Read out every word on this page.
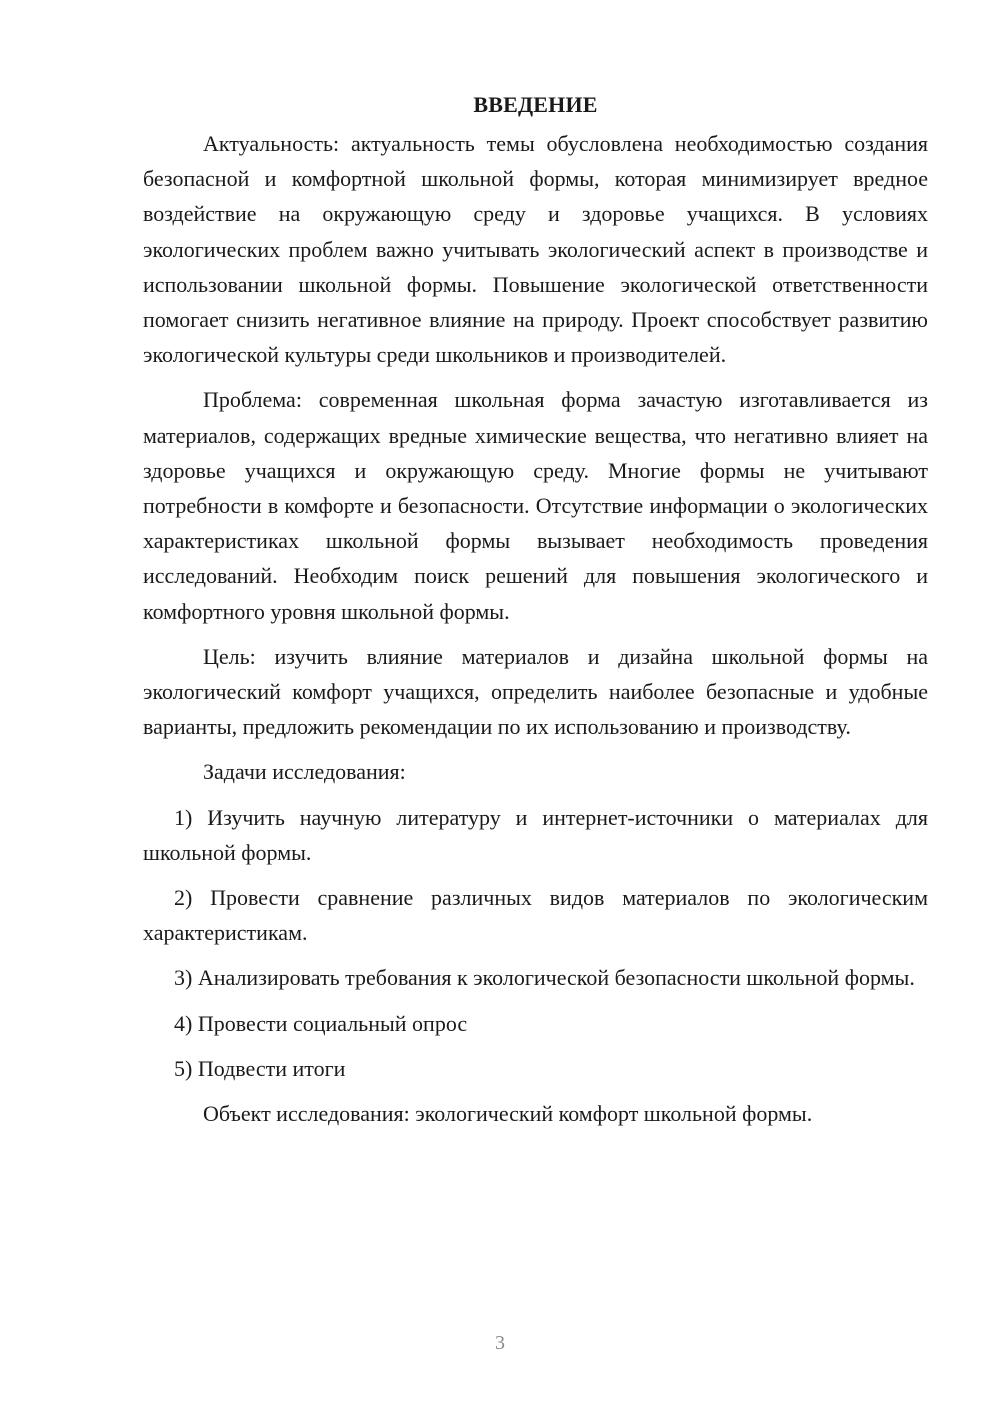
ВВЕДЕНИЕ

Актуальность: актуальность темы обусловлена необходимостью создания безопасной и комфортной школьной формы, которая минимизирует вредное воздействие на окружающую среду и здоровье учащихся. В условиях экологических проблем важно учитывать экологический аспект в производстве и использовании школьной формы. Повышение экологической ответственности помогает снизить негативное влияние на природу. Проект способствует развитию экологической культуры среди школьников и производителей.

Проблема: современная школьная форма зачастую изготавливается из материалов, содержащих вредные химические вещества, что негативно влияет на здоровье учащихся и окружающую среду. Многие формы не учитывают потребности в комфорте и безопасности. Отсутствие информации о экологических характеристиках школьной формы вызывает необходимость проведения исследований. Необходим поиск решений для повышения экологического и комфортного уровня школьной формы.

Цель: изучить влияние материалов и дизайна школьной формы на экологический комфорт учащихся, определить наиболее безопасные и удобные варианты, предложить рекомендации по их использованию и производству.

Задачи исследования:

1) Изучить научную литературу и интернет-источники о материалах для школьной формы.

2) Провести сравнение различных видов материалов по экологическим характеристикам.

3) Анализировать требования к экологической безопасности школьной формы.

4) Провести социальный опрос

5) Подвести итоги

Объект исследования: экологический комфорт школьной формы.

3
